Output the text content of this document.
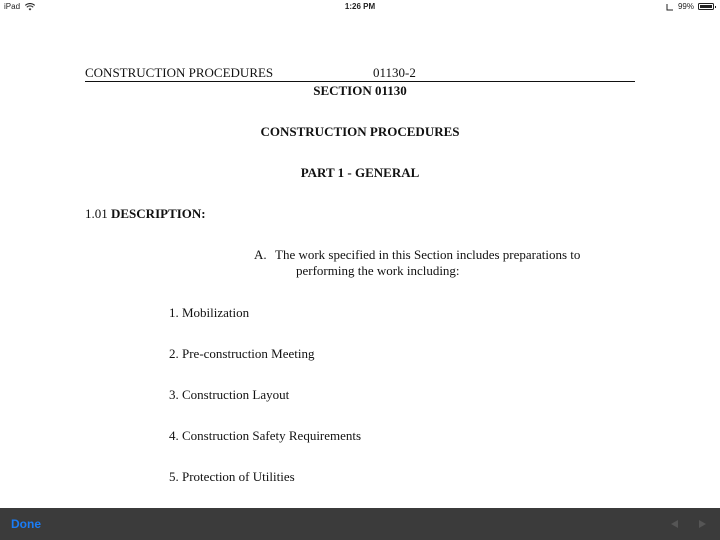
iPad	1:26 PM	99%
CONSTRUCTION PROCEDURES	01130-2
SECTION 01130
CONSTRUCTION PROCEDURES
PART 1 - GENERAL
1.01 DESCRIPTION:
A. The work specified in this Section includes preparations to
performing the work including:
1. Mobilization
2. Pre-construction Meeting
3. Construction Layout
4. Construction Safety Requirements
5. Protection of Utilities
Done
